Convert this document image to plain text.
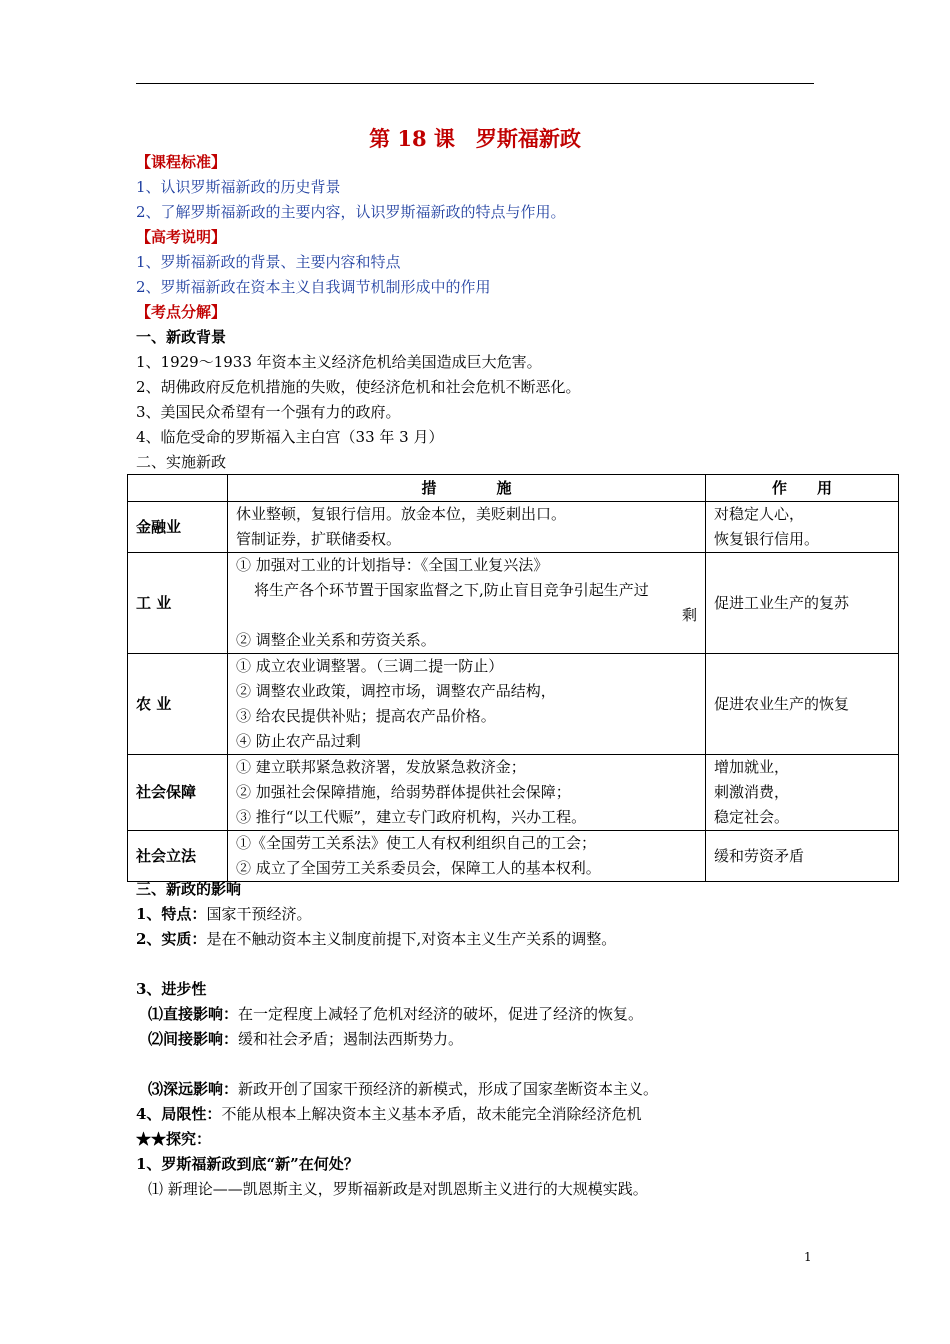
第 18 课　罗斯福新政
【课程标准】
1、认识罗斯福新政的历史背景
2、了解罗斯福新政的主要内容，认识罗斯福新政的特点与作用。
【高考说明】
1、罗斯福新政的背景、主要内容和特点
2、罗斯福新政在资本主义自我调节机制形成中的作用
【考点分解】
一、新政背景
1、1929～1933 年资本主义经济危机给美国造成巨大危害。
2、胡佛政府反危机措施的失败，使经济危机和社会危机不断恶化。
3、美国民众希望有一个强有力的政府。
4、临危受命的罗斯福入主白宫（33 年 3 月）
二、实施新政
	措　　　　施	作　　用
金融业	休业整顿，复银行信用。放金本位，美贬刺出口。
管制证券，扩联储委权。	对稳定人心，
恢复银行信用。

工 业	① 加强对工业的计划指导：《全国工业复兴法》
将生产各个环节置于国家监督之下,防止盲目竞争引起生产过
剩
② 调整企业关系和劳资关系。	促进工业生产的复苏

农 业	① 成立农业调整署。（三调二提一防止）
② 调整农业政策，调控市场，调整农产品结构，
③ 给农民提供补贴；提高农产品价格。
④ 防止农产品过剩	促进农业生产的恢复

社会保障	① 建立联邦紧急救济署，发放紧急救济金；
② 加强社会保障措施，给弱势群体提供社会保障；
③ 推行“以工代赈”，建立专门政府机构，兴办工程。	增加就业，
刺激消费，
稳定社会。

社会立法	①《全国劳工关系法》使工人有权利组织自己的工会；
② 成立了全国劳工关系委员会，保障工人的基本权利。	缓和劳资矛盾
三、新政的影响
1、特点：国家干预经济。
2、实质：是在不触动资本主义制度前提下,对资本主义生产关系的调整。
3、进步性
⑴直接影响：在一定程度上减轻了危机对经济的破坏，促进了经济的恢复。
⑵间接影响：缓和社会矛盾；遏制法西斯势力。
⑶深远影响：新政开创了国家干预经济的新模式，形成了国家垄断资本主义。
4、局限性：不能从根本上解决资本主义基本矛盾，故未能完全消除经济危机
★★探究：
1、罗斯福新政到底“新”在何处？
⑴ 新理论——凯恩斯主义，罗斯福新政是对凯恩斯主义进行的大规模实践。
1
